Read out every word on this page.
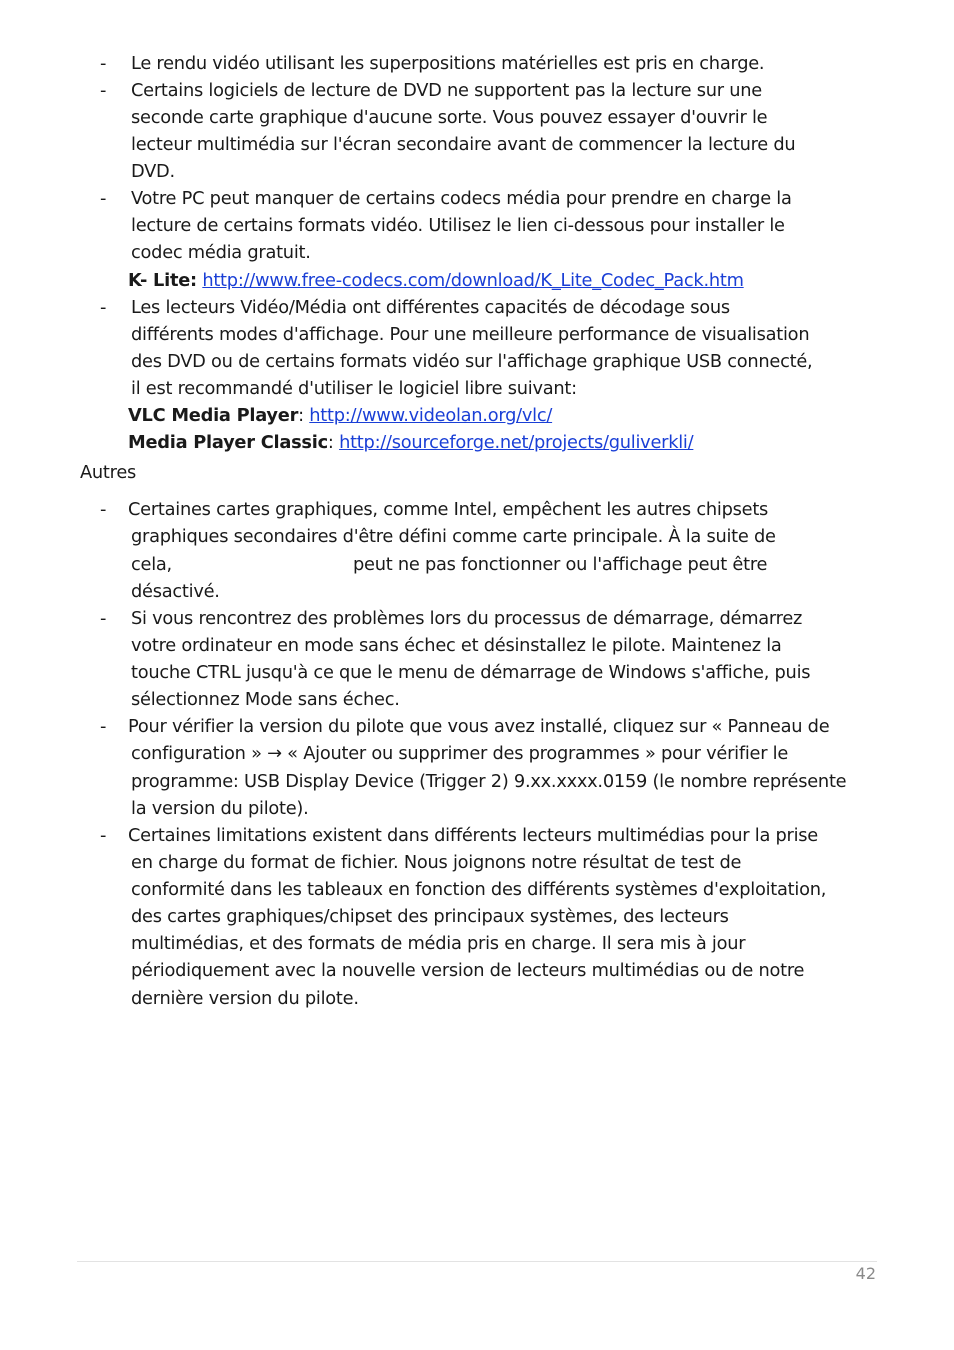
- Le rendu vidéo utilisant les superpositions matérielles est pris en charge.
- Certains logiciels de lecture de DVD ne supportent pas la lecture sur une
seconde carte graphique d'aucune sorte. Vous pouvez essayer d'ouvrir le
lecteur multimédia sur l'écran secondaire avant de commencer la lecture du
DVD.
- Votre PC peut manquer de certains codecs média pour prendre en charge la
lecture de certains formats vidéo. Utilisez le lien ci-dessous pour installer le
codec média gratuit.
K- Lite: http://www.free-codecs.com/download/K_Lite_Codec_Pack.htm
- Les lecteurs Vidéo/Média ont différentes capacités de décodage sous
différents modes d'affichage. Pour une meilleure performance de visualisation
des DVD ou de certains formats vidéo sur l'affichage graphique USB connecté,
il est recommandé d'utiliser le logiciel libre suivant:
VLC Media Player: http://www.videolan.org/vlc/
Media Player Classic: http://sourceforge.net/projects/guliverkli/
Autres
- Certaines cartes graphiques, comme Intel, empêchent les autres chipsets
graphiques secondaires d'être défini comme carte principale. À la suite de
cela,	peut ne pas fonctionner ou l'affichage peut être
désactivé.
- Si vous rencontrez des problèmes lors du processus de démarrage, démarrez
votre ordinateur en mode sans échec et désinstallez le pilote. Maintenez la
touche CTRL jusqu'à ce que le menu de démarrage de Windows s'affiche, puis
sélectionnez Mode sans échec.
- Pour vérifier la version du pilote que vous avez installé, cliquez sur « Panneau de
configuration » → « Ajouter ou supprimer des programmes » pour vérifier le
programme: USB Display Device (Trigger 2) 9.xx.xxxx.0159 (le nombre représente
la version du pilote).
- Certaines limitations existent dans différents lecteurs multimédias pour la prise
en charge du format de fichier. Nous joignons notre résultat de test de
conformité dans les tableaux en fonction des différents systèmes d'exploitation,
des cartes graphiques/chipset des principaux systèmes, des lecteurs
multimédias, et des formats de média pris en charge. Il sera mis à jour
périodiquement avec la nouvelle version de lecteurs multimédias ou de notre
dernière version du pilote.
42
